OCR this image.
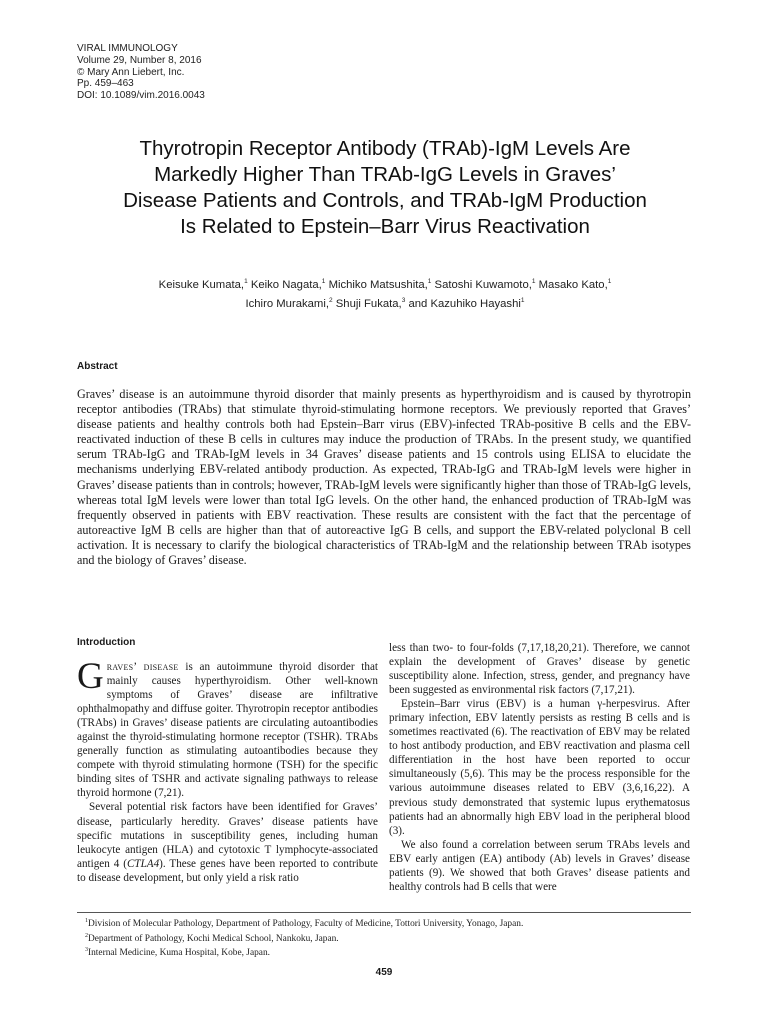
VIRAL IMMUNOLOGY
Volume 29, Number 8, 2016
© Mary Ann Liebert, Inc.
Pp. 459–463
DOI: 10.1089/vim.2016.0043
Thyrotropin Receptor Antibody (TRAb)-IgM Levels Are
Markedly Higher Than TRAb-IgG Levels in Graves’
Disease Patients and Controls, and TRAb-IgM Production
Is Related to Epstein–Barr Virus Reactivation
Keisuke Kumata,$^1$ Keiko Nagata,$^1$ Michiko Matsushita,$^1$ Satoshi Kuwamoto,$^1$ Masako Kato,$^1$
Ichiro Murakami,$^2$ Shuji Fukata,$^3$ and Kazuhiko Hayashi$^1$
Abstract

Graves’ disease is an autoimmune thyroid disorder that mainly presents as hyperthyroidism and is caused by thyrotropin receptor antibodies (TRAbs) that stimulate thyroid-stimulating hormone receptors. We previously reported that Graves’ disease patients and healthy controls both had Epstein–Barr virus (EBV)-infected TRAb-positive B cells and the EBV-reactivated induction of these B cells in cultures may induce the production of TRAbs. In the present study, we quantified serum TRAb-IgG and TRAb-IgM levels in 34 Graves’ disease patients and 15 controls using ELISA to elucidate the mechanisms underlying EBV-related antibody production. As expected, TRAb-IgG and TRAb-IgM levels were higher in Graves’ disease patients than in controls; however, TRAb-IgM levels were significantly higher than those of TRAb-IgG levels, whereas total IgM levels were lower than total IgG levels. On the other hand, the enhanced production of TRAb-IgM was frequently observed in patients with EBV reactivation. These results are consistent with the fact that the percentage of autoreactive IgM B cells are higher than that of autoreactive IgG B cells, and support the EBV-related polyclonal B cell activation. It is necessary to clarify the biological characteristics of TRAb-IgM and the relationship between TRAb isotypes and the biology of Graves’ disease.

Introduction

Graves’ disease is an autoimmune thyroid disorder that mainly causes hyperthyroidism. Other well-known symptoms of Graves’ disease are infiltrative ophthalmopathy and diffuse goiter. Thyrotropin receptor antibodies (TRAbs) in Graves’ disease patients are circulating autoantibodies against the thyroid-stimulating hormone receptor (TSHR). TRAbs generally function as stimulating autoantibodies because they compete with thyroid stimulating hormone (TSH) for the specific binding sites of TSHR and activate signaling pathways to release thyroid hormone (7,21).

Several potential risk factors have been identified for Graves’ disease, particularly heredity. Graves’ disease patients have specific mutations in susceptibility genes, including human leukocyte antigen (HLA) and cytotoxic T lymphocyte-associated antigen 4 (CTLA4). These genes have been reported to contribute to disease development, but only yield a risk ratio

less than two- to four-folds (7,17,18,20,21). Therefore, we cannot explain the development of Graves’ disease by genetic susceptibility alone. Infection, stress, gender, and pregnancy have been suggested as environmental risk factors (7,17,21).

Epstein–Barr virus (EBV) is a human γ-herpesvirus. After primary infection, EBV latently persists as resting B cells and is sometimes reactivated (6). The reactivation of EBV may be related to host antibody production, and EBV reactivation and plasma cell differentiation in the host have been reported to occur simultaneously (5,6). This may be the process responsible for the various autoimmune diseases related to EBV (3,6,16,22). A previous study demonstrated that systemic lupus erythematosus patients had an abnormally high EBV load in the peripheral blood (3).

We also found a correlation between serum TRAbs levels and EBV early antigen (EA) antibody (Ab) levels in Graves’ disease patients (9). We showed that both Graves’ disease patients and healthy controls had B cells that were

$^1$Division of Molecular Pathology, Department of Pathology, Faculty of Medicine, Tottori University, Yonago, Japan.
$^2$Department of Pathology, Kochi Medical School, Nankoku, Japan.
$^3$Internal Medicine, Kuma Hospital, Kobe, Japan.
459
